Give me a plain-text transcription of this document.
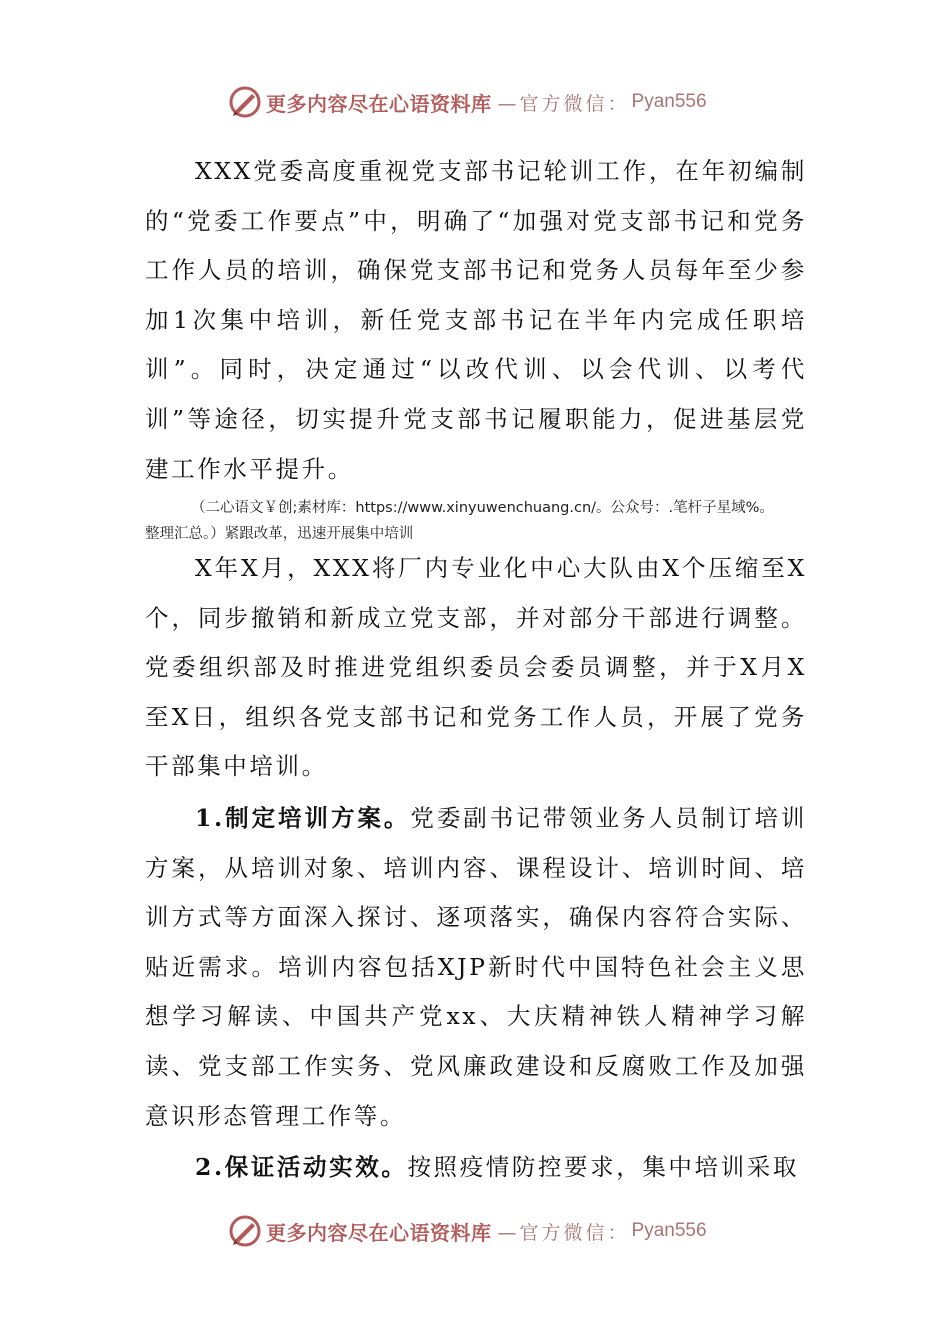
更多内容尽在心语资料库 —官方微信： Pyan556

XXX党委高度重视党支部书记轮训工作，在年初编制的“党委工作要点”中，明确了“加强对党支部书记和党务工作人员的培训，确保党支部书记和党务人员每年至少参加1次集中培训，新任党支部书记在半年内完成任职培训”。同时，决定通过“以改代训、以会代训、以考代训”等途径，切实提升党支部书记履职能力，促进基层党建工作水平提升。

（二心语文￥创;素材库：https://www.xinyuwenchuang.cn/。公众号：.笔杆子星域%。
整理汇总。）紧跟改革，迅速开展集中培训

X年X月，XXX将厂内专业化中心大队由X个压缩至X个，同步撤销和新成立党支部，并对部分干部进行调整。党委组织部及时推进党组织委员会委员调整，并于X月X至X日，组织各党支部书记和党务工作人员，开展了党务干部集中培训。

1.制定培训方案。党委副书记带领业务人员制订培训方案，从培训对象、培训内容、课程设计、培训时间、培训方式等方面深入探讨、逐项落实，确保内容符合实际、贴近需求。培训内容包括XJP新时代中国特色社会主义思想学习解读、中国共产党xx、大庆精神铁人精神学习解读、党支部工作实务、党风廉政建设和反腐败工作及加强意识形态管理工作等。

2.保证活动实效。按照疫情防控要求，集中培训采取

更多内容尽在心语资料库 —官方微信： Pyan556
